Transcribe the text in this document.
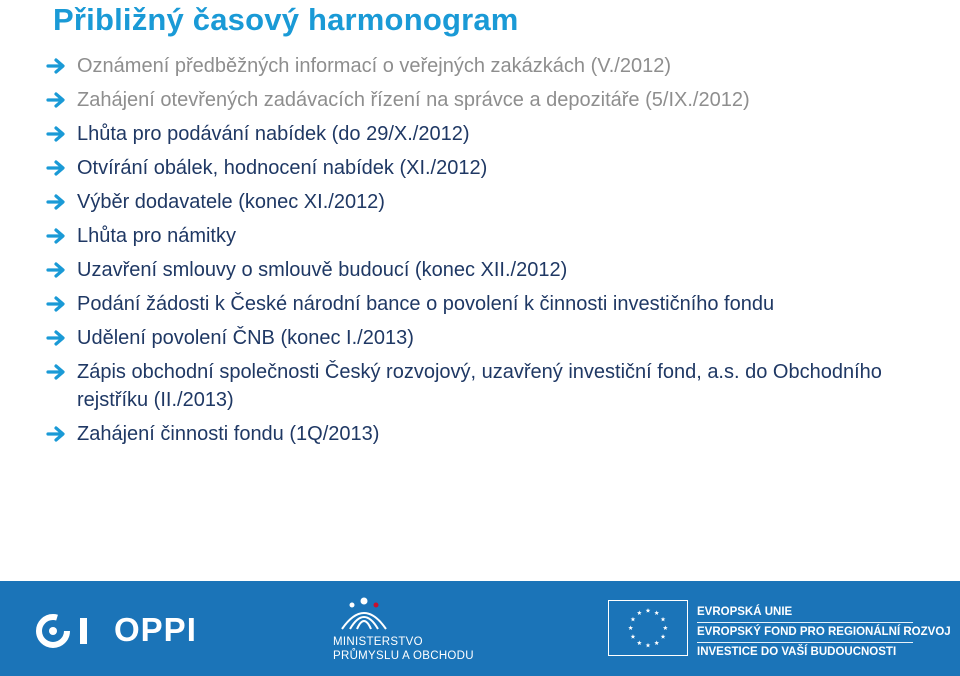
Přibližný časový harmonogram
Oznámení předběžných informací o veřejných zakázkách (V./2012)
Zahájení otevřených zadávacích řízení na správce a depozitáře (5/IX./2012)
Lhůta pro podávání nabídek (do 29/X./2012)
Otvírání obálek, hodnocení nabídek (XI./2012)
Výběr dodavatele (konec XI./2012)
Lhůta pro námitky
Uzavření smlouvy o smlouvě budoucí (konec XII./2012)
Podání žádosti k České národní bance o povolení k činnosti investičního fondu
Udělení povolení ČNB (konec I./2013)
Zápis obchodní společnosti Český rozvojový, uzavřený investiční fond, a.s. do Obchodního rejstříku (II./2013)
Zahájení činnosti fondu (1Q/2013)
OPPI	MINISTERSTVO
PRŮMYSLU A OBCHODU
EVROPSKÁ UNIE
EVROPSKÝ FOND PRO REGIONÁLNÍ ROZVOJ
INVESTICE DO VAŠÍ BUDOUCNOSTI
